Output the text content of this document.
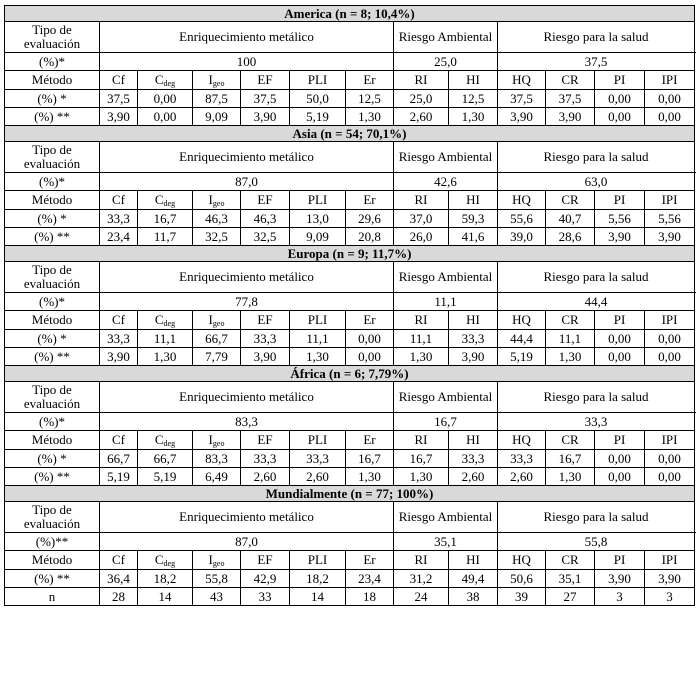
America (n = 8; 10,4%)												
Tipo de evaluación	Enriquecimiento metálico						Riesgo Ambiental		Riesgo para la salud			
(%)*	100						25,0		37,5			
Método	Cf	$C_{deg}$	$I_{geo}$	EF	PLI	Er	RI	HI	HQ	CR	PI	IPI
(%) *	37,5	0,00	87,5	37,5	50,0	12,5	25,0	12,5	37,5	37,5	0,00	0,00
(%) **	3,90	0,00	9,09	3,90	5,19	1,30	2,60	1,30	3,90	3,90	0,00	0,00
Asia (n = 54; 70,1%)												
Tipo de evaluación	Enriquecimiento metálico						Riesgo Ambiental		Riesgo para la salud			
(%)*	87,0						42,6		63,0			
Método	Cf	$C_{deg}$	$I_{geo}$	EF	PLI	Er	RI	HI	HQ	CR	PI	IPI
(%) *	33,3	16,7	46,3	46,3	13,0	29,6	37,0	59,3	55,6	40,7	5,56	5,56
(%) **	23,4	11,7	32,5	32,5	9,09	20,8	26,0	41,6	39,0	28,6	3,90	3,90
Europa (n = 9; 11,7%)												
Tipo de evaluación	Enriquecimiento metálico						Riesgo Ambiental		Riesgo para la salud			
(%)*	77,8						11,1		44,4			
Método	Cf	$C_{deg}$	$I_{geo}$	EF	PLI	Er	RI	HI	HQ	CR	PI	IPI
(%) *	33,3	11,1	66,7	33,3	11,1	0,00	11,1	33,3	44,4	11,1	0,00	0,00
(%) **	3,90	1,30	7,79	3,90	1,30	0,00	1,30	3,90	5,19	1,30	0,00	0,00
África (n = 6; 7,79%)												
Tipo de evaluación	Enriquecimiento metálico						Riesgo Ambiental		Riesgo para la salud			
(%)*	83,3						16,7		33,3			
Método	Cf	$C_{deg}$	$I_{geo}$	EF	PLI	Er	RI	HI	HQ	CR	PI	IPI
(%) *	66,7	66,7	83,3	33,3	33,3	16,7	16,7	33,3	33,3	16,7	0,00	0,00
(%) **	5,19	5,19	6,49	2,60	2,60	1,30	1,30	2,60	2,60	1,30	0,00	0,00
Mundialmente (n = 77; 100%)												
Tipo de evaluación	Enriquecimiento metálico						Riesgo Ambiental		Riesgo para la salud			
(%)**	87,0						35,1		55,8			
Método	Cf	$C_{deg}$	$I_{geo}$	EF	PLI	Er	RI	HI	HQ	CR	PI	IPI
(%) **	36,4	18,2	55,8	42,9	18,2	23,4	31,2	49,4	50,6	35,1	3,90	3,90
n	28	14	43	33	14	18	24	38	39	27	3	3
